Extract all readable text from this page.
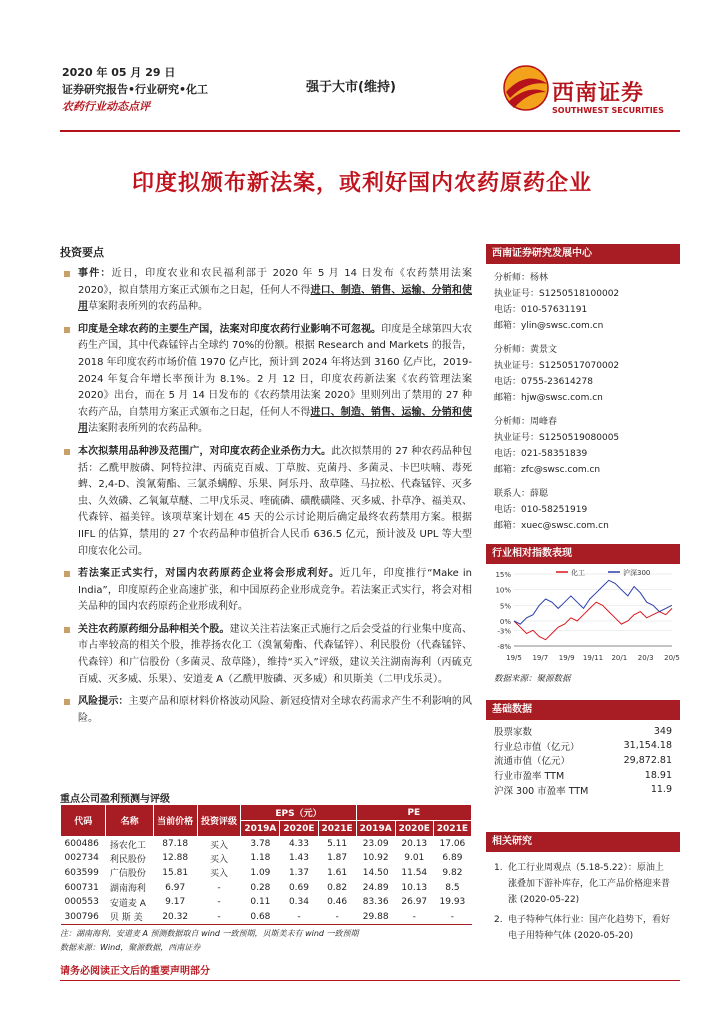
2020 年 05 月 29 日
证券研究报告•行业研究•化工
农药行业动态点评
强于大市(维持)	西南证券
SOUTHWEST SECURITIES
印度拟颁布新法案，或利好国内农药原药企业
投资要点
事件：近日，印度农业和农民福利部于 2020 年 5 月 14 日发布《农药禁用法案 2020》，拟自禁用方案正式颁布之日起，任何人不得进口、制造、销售、运输、分销和使用草案附表所列的农药品种。
印度是全球农药的主要生产国，法案对印度农药行业影响不可忽视。印度是全球第四大农药生产国，其中代森锰锌占全球约 70%的份额。根据 Research and Markets 的报告，2018 年印度农药市场价值 1970 亿卢比，预计到 2024 年将达到 3160 亿卢比，2019-2024 年复合年增长率预计为 8.1%。2 月 12 日，印度农药新法案《农药管理法案 2020》出台，而在 5 月 14 日发布的《农药禁用法案 2020》里则列出了禁用的 27 种农药产品，自禁用方案正式颁布之日起，任何人不得进口、制造、销售、运输、分销和使用法案附表所列的农药品种。
本次拟禁用品种涉及范围广，对印度农药企业杀伤力大。此次拟禁用的 27 种农药品种包括：乙酰甲胺磷、阿特拉津、丙硫克百威、丁草胺、克菌丹、多菌灵、卡巴呋喃、毒死蜱、2,4-D、溴氰菊酯、三氯杀螨醇、乐果、阿乐丹、敌草隆、马拉松、代森锰锌、灭多虫、久效磷、乙氧氟草醚、二甲戊乐灵、喹硫磷、磺酰磺隆、灭多威、扑草净、福美双、代森锌、福美锌。该项草案计划在 45 天的公示讨论期后确定最终农药禁用方案。根据 IIFL 的估算，禁用的 27 个农药品种市值折合人民币 636.5 亿元，预计波及 UPL 等大型印度农化公司。
若法案正式实行，对国内农药原药企业将会形成利好。近几年，印度推行“Make in India”，印度原药企业高速扩张，和中国原药企业形成竞争。若法案正式实行，将会对相关品种的国内农药原药企业形成利好。
关注农药原药细分品种相关个股。建议关注若法案正式施行之后会受益的行业集中度高、市占率较高的相关个股，推荐扬农化工（溴氰菊酯、代森锰锌）、利民股份（代森锰锌、代森锌）和广信股份（多菌灵、敌草隆），维持“买入”评级，建议关注湖南海利（丙硫克百威、灭多威、乐果）、安道麦 A（乙酰甲胺磷、灭多威）和贝斯美（二甲戊乐灵）。
风险提示：主要产品和原材料价格波动风险、新冠疫情对全球农药需求产生不利影响的风险。
重点公司盈利预测与评级
代码	名称	当前价格	投资评级	EPS（元）			PE		
				2019A	2020E	2021E	2019A	2020E	2021E
600486	扬农化工	87.18	买入	3.78	4.33	5.11	23.09	20.13	17.06
002734	利民股份	12.88	买入	1.18	1.43	1.87	10.92	9.01	6.89
603599	广信股份	15.81	买入	1.09	1.37	1.61	14.50	11.54	9.82
600731	湖南海利	6.97	-	0.28	0.69	0.82	24.89	10.13	8.5
000553	安道麦 A	9.17	-	0.11	0.34	0.46	83.36	26.97	19.93
300796	贝 斯 美	20.32	-	0.68	-	-	29.88	-	-
注：湖南海利、安道麦 A 预测数据取自 wind 一致预期，贝斯美未有 wind 一致预期
数据来源：Wind，聚源数据，西南证券
西南证券研究发展中心
分析师：杨林
执业证号：S1250518100002
电话：010-57631191
邮箱：ylin@swsc.com.cn
分析师：黄景文
执业证号：S1250517070002
电话：0755-23614278
邮箱：hjw@swsc.com.cn
分析师：周峰春
执业证号：S1250519080005
电话：021-58351839
邮箱：zfc@swsc.com.cn
联系人：薛聪
电话：010-58251919
邮箱：xuec@swsc.com.cn
行业相对指数表现
15%
10%
5%
0%
-3%
-8%
19/5 19/7 19/9 19/11 20/1 20/3 20/5
化工	沪深300
数据来源：聚源数据
基础数据
股票家数	349
行业总市值（亿元）	31,154.18
流通市值（亿元）	29,872.81
行业市盈率 TTM	18.91
沪深 300 市盈率 TTM	11.9
相关研究
1. 化工行业周观点（5.18-5.22）：原油上涨叠加下游补库存，化工产品价格迎来普涨 (2020-05-22)
2. 电子特种气体行业：国产化趋势下，看好电子用特种气体 (2020-05-20)
请务必阅读正文后的重要声明部分
